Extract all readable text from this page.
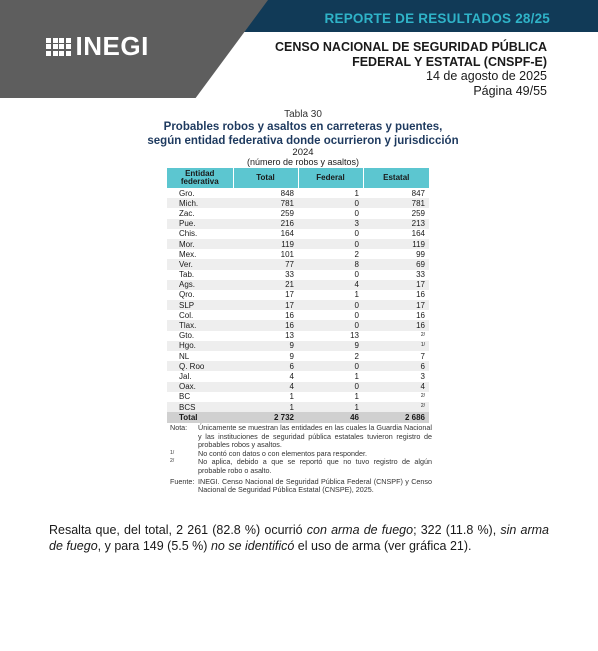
REPORTE DE RESULTADOS 28/25
INEGI	CENSO NACIONAL DE SEGURIDAD PÚBLICA
FEDERAL Y ESTATAL (CNSPF-E)
14 de agosto de 2025
Página 49/55
Tabla 30
Probables robos y asaltos en carreteras y puentes,
según entidad federativa donde ocurrieron y jurisdicción
2024
(número de robos y asaltos)
Entidad
federativa	Total	Federal	Estatal
Gro.	848	1	847
Mich.	781	0	781
Zac.	259	0	259
Pue.	216	3	213
Chis.	164	0	164
Mor.	119	0	119
Mex.	101	2	99
Ver.	77	8	69
Tab.	33	0	33
Ags.	21	4	17
Qro.	17	1	16
SLP	17	0	17
Col.	16	0	16
Tlax.	16	0	16
Gto.	13	13	2/
Hgo.	9	9	1/
NL	9	2	7
Q. Roo	6	0	6
Jal.	4	1	3
Oax.	4	0	4
BC	1	1	2/
BCS	1	1	2/
Total	2 732	46	2 686
Nota:	Únicamente se muestran las entidades en las cuales la Guardia Nacional y las instituciones de seguridad pública estatales tuvieron registro de probables robos y asaltos.
1/	No contó con datos o con elementos para responder.
2/	No aplica, debido a que se reportó que no tuvo registro de algún probable robo o asalto.
Fuente: INEGI. Censo Nacional de Seguridad Pública Federal (CNSPF) y Censo Nacional de Seguridad Pública Estatal (CNSPE), 2025.

Resalta que, del total, 2 261 (82.8 %) ocurrió con arma de fuego; 322 (11.8 %), sin arma de fuego, y para 149 (5.5 %) no se identificó el uso de arma (ver gráfica 21).
